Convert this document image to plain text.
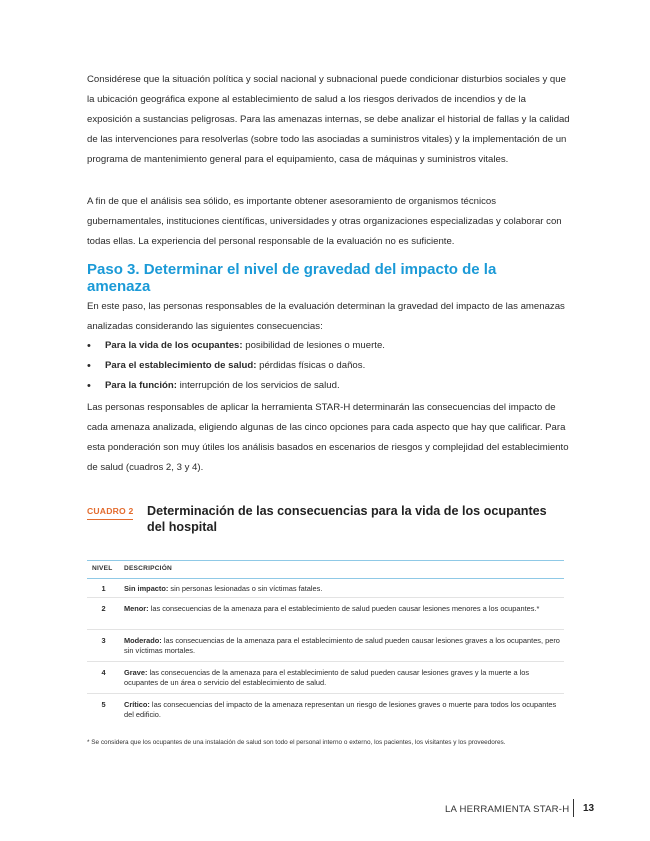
Considérese que la situación política y social nacional y subnacional puede condicionar disturbios sociales y que la ubicación geográfica expone al establecimiento de salud a los riesgos derivados de incendios y de la exposición a sustancias peligrosas. Para las amenazas internas, se debe analizar el historial de fallas y la calidad de las intervenciones para resolverlas (sobre todo las asociadas a suministros vitales) y la implementación de un programa de mantenimiento general para el equipamiento, casa de máquinas y suministros vitales.

A fin de que el análisis sea sólido, es importante obtener asesoramiento de organismos técnicos gubernamentales, instituciones científicas, universidades y otras organizaciones especializadas y colaborar con todas ellas. La experiencia del personal responsable de la evaluación no es suficiente.

Paso 3. Determinar el nivel de gravedad del impacto de la amenaza

En este paso, las personas responsables de la evaluación determinan la gravedad del impacto de las amenazas analizadas considerando las siguientes consecuencias:

• Para la vida de los ocupantes: posibilidad de lesiones o muerte.
• Para el establecimiento de salud: pérdidas físicas o daños.
• Para la función: interrupción de los servicios de salud.

Las personas responsables de aplicar la herramienta STAR-H determinarán las consecuencias del impacto de cada amenaza analizada, eligiendo algunas de las cinco opciones para cada aspecto que hay que calificar. Para esta ponderación son muy útiles los análisis basados en escenarios de riesgos y complejidad del establecimiento de salud (cuadros 2, 3 y 4).

CUADRO 2 Determinación de las consecuencias para la vida de los ocupantes del hospital
NIVEL DESCRIPCIÓN
1	Sin impacto: sin personas lesionadas o sin víctimas fatales.
2	Menor: las consecuencias de la amenaza para el establecimiento de salud pueden causar lesiones menores a los ocupantes.*
3	Moderado: las consecuencias de la amenaza para el establecimiento de salud pueden causar lesiones graves a los ocupantes, pero sin víctimas mortales.
4	Grave: las consecuencias de la amenaza para el establecimiento de salud pueden causar lesiones graves y la muerte a los ocupantes de un área o servicio del establecimiento de salud.
5	Crítico: las consecuencias del impacto de la amenaza representan un riesgo de lesiones graves o muerte para todos los ocupantes del edificio.
* Se considera que los ocupantes de una instalación de salud son todo el personal interno o externo, los pacientes, los visitantes y los proveedores.
LA HERRAMIENTA STAR-H 13
